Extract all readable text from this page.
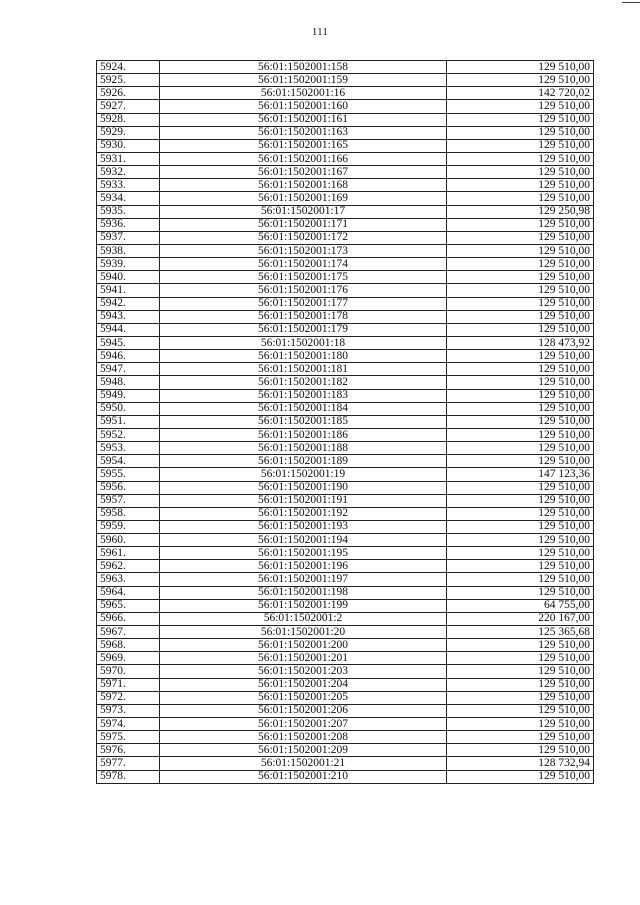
111
5924.	56:01:1502001:158	129 510,00
5925.	56:01:1502001:159	129 510,00
5926.	56:01:1502001:16	142 720,02
5927.	56:01:1502001:160	129 510,00
5928.	56:01:1502001:161	129 510,00
5929.	56:01:1502001:163	129 510,00
5930.	56:01:1502001:165	129 510,00
5931.	56:01:1502001:166	129 510,00
5932.	56:01:1502001:167	129 510,00
5933.	56:01:1502001:168	129 510,00
5934.	56:01:1502001:169	129 510,00
5935.	56:01:1502001:17	129 250,98
5936.	56:01:1502001:171	129 510,00
5937.	56:01:1502001:172	129 510,00
5938.	56:01:1502001:173	129 510,00
5939.	56:01:1502001:174	129 510,00
5940.	56:01:1502001:175	129 510,00
5941.	56:01:1502001:176	129 510,00
5942.	56:01:1502001:177	129 510,00
5943.	56:01:1502001:178	129 510,00
5944.	56:01:1502001:179	129 510,00
5945.	56:01:1502001:18	128 473,92
5946.	56:01:1502001:180	129 510,00
5947.	56:01:1502001:181	129 510,00
5948.	56:01:1502001:182	129 510,00
5949.	56:01:1502001:183	129 510,00
5950.	56:01:1502001:184	129 510,00
5951.	56:01:1502001:185	129 510,00
5952.	56:01:1502001:186	129 510,00
5953.	56:01:1502001:188	129 510,00
5954.	56:01:1502001:189	129 510,00
5955.	56:01:1502001:19	147 123,36
5956.	56:01:1502001:190	129 510,00
5957.	56:01:1502001:191	129 510,00
5958.	56:01:1502001:192	129 510,00
5959.	56:01:1502001:193	129 510,00
5960.	56:01:1502001:194	129 510,00
5961.	56:01:1502001:195	129 510,00
5962.	56:01:1502001:196	129 510,00
5963.	56:01:1502001:197	129 510,00
5964.	56:01:1502001:198	129 510,00
5965.	56:01:1502001:199	64 755,00
5966.	56:01:1502001:2	220 167,00
5967.	56:01:1502001:20	125 365,68
5968.	56:01:1502001:200	129 510,00
5969.	56:01:1502001:201	129 510,00
5970.	56:01:1502001:203	129 510,00
5971.	56:01:1502001:204	129 510,00
5972.	56:01:1502001:205	129 510,00
5973.	56:01:1502001:206	129 510,00
5974.	56:01:1502001:207	129 510,00
5975.	56:01:1502001:208	129 510,00
5976.	56:01:1502001:209	129 510,00
5977.	56:01:1502001:21	128 732,94
5978.	56:01:1502001:210	129 510,00
